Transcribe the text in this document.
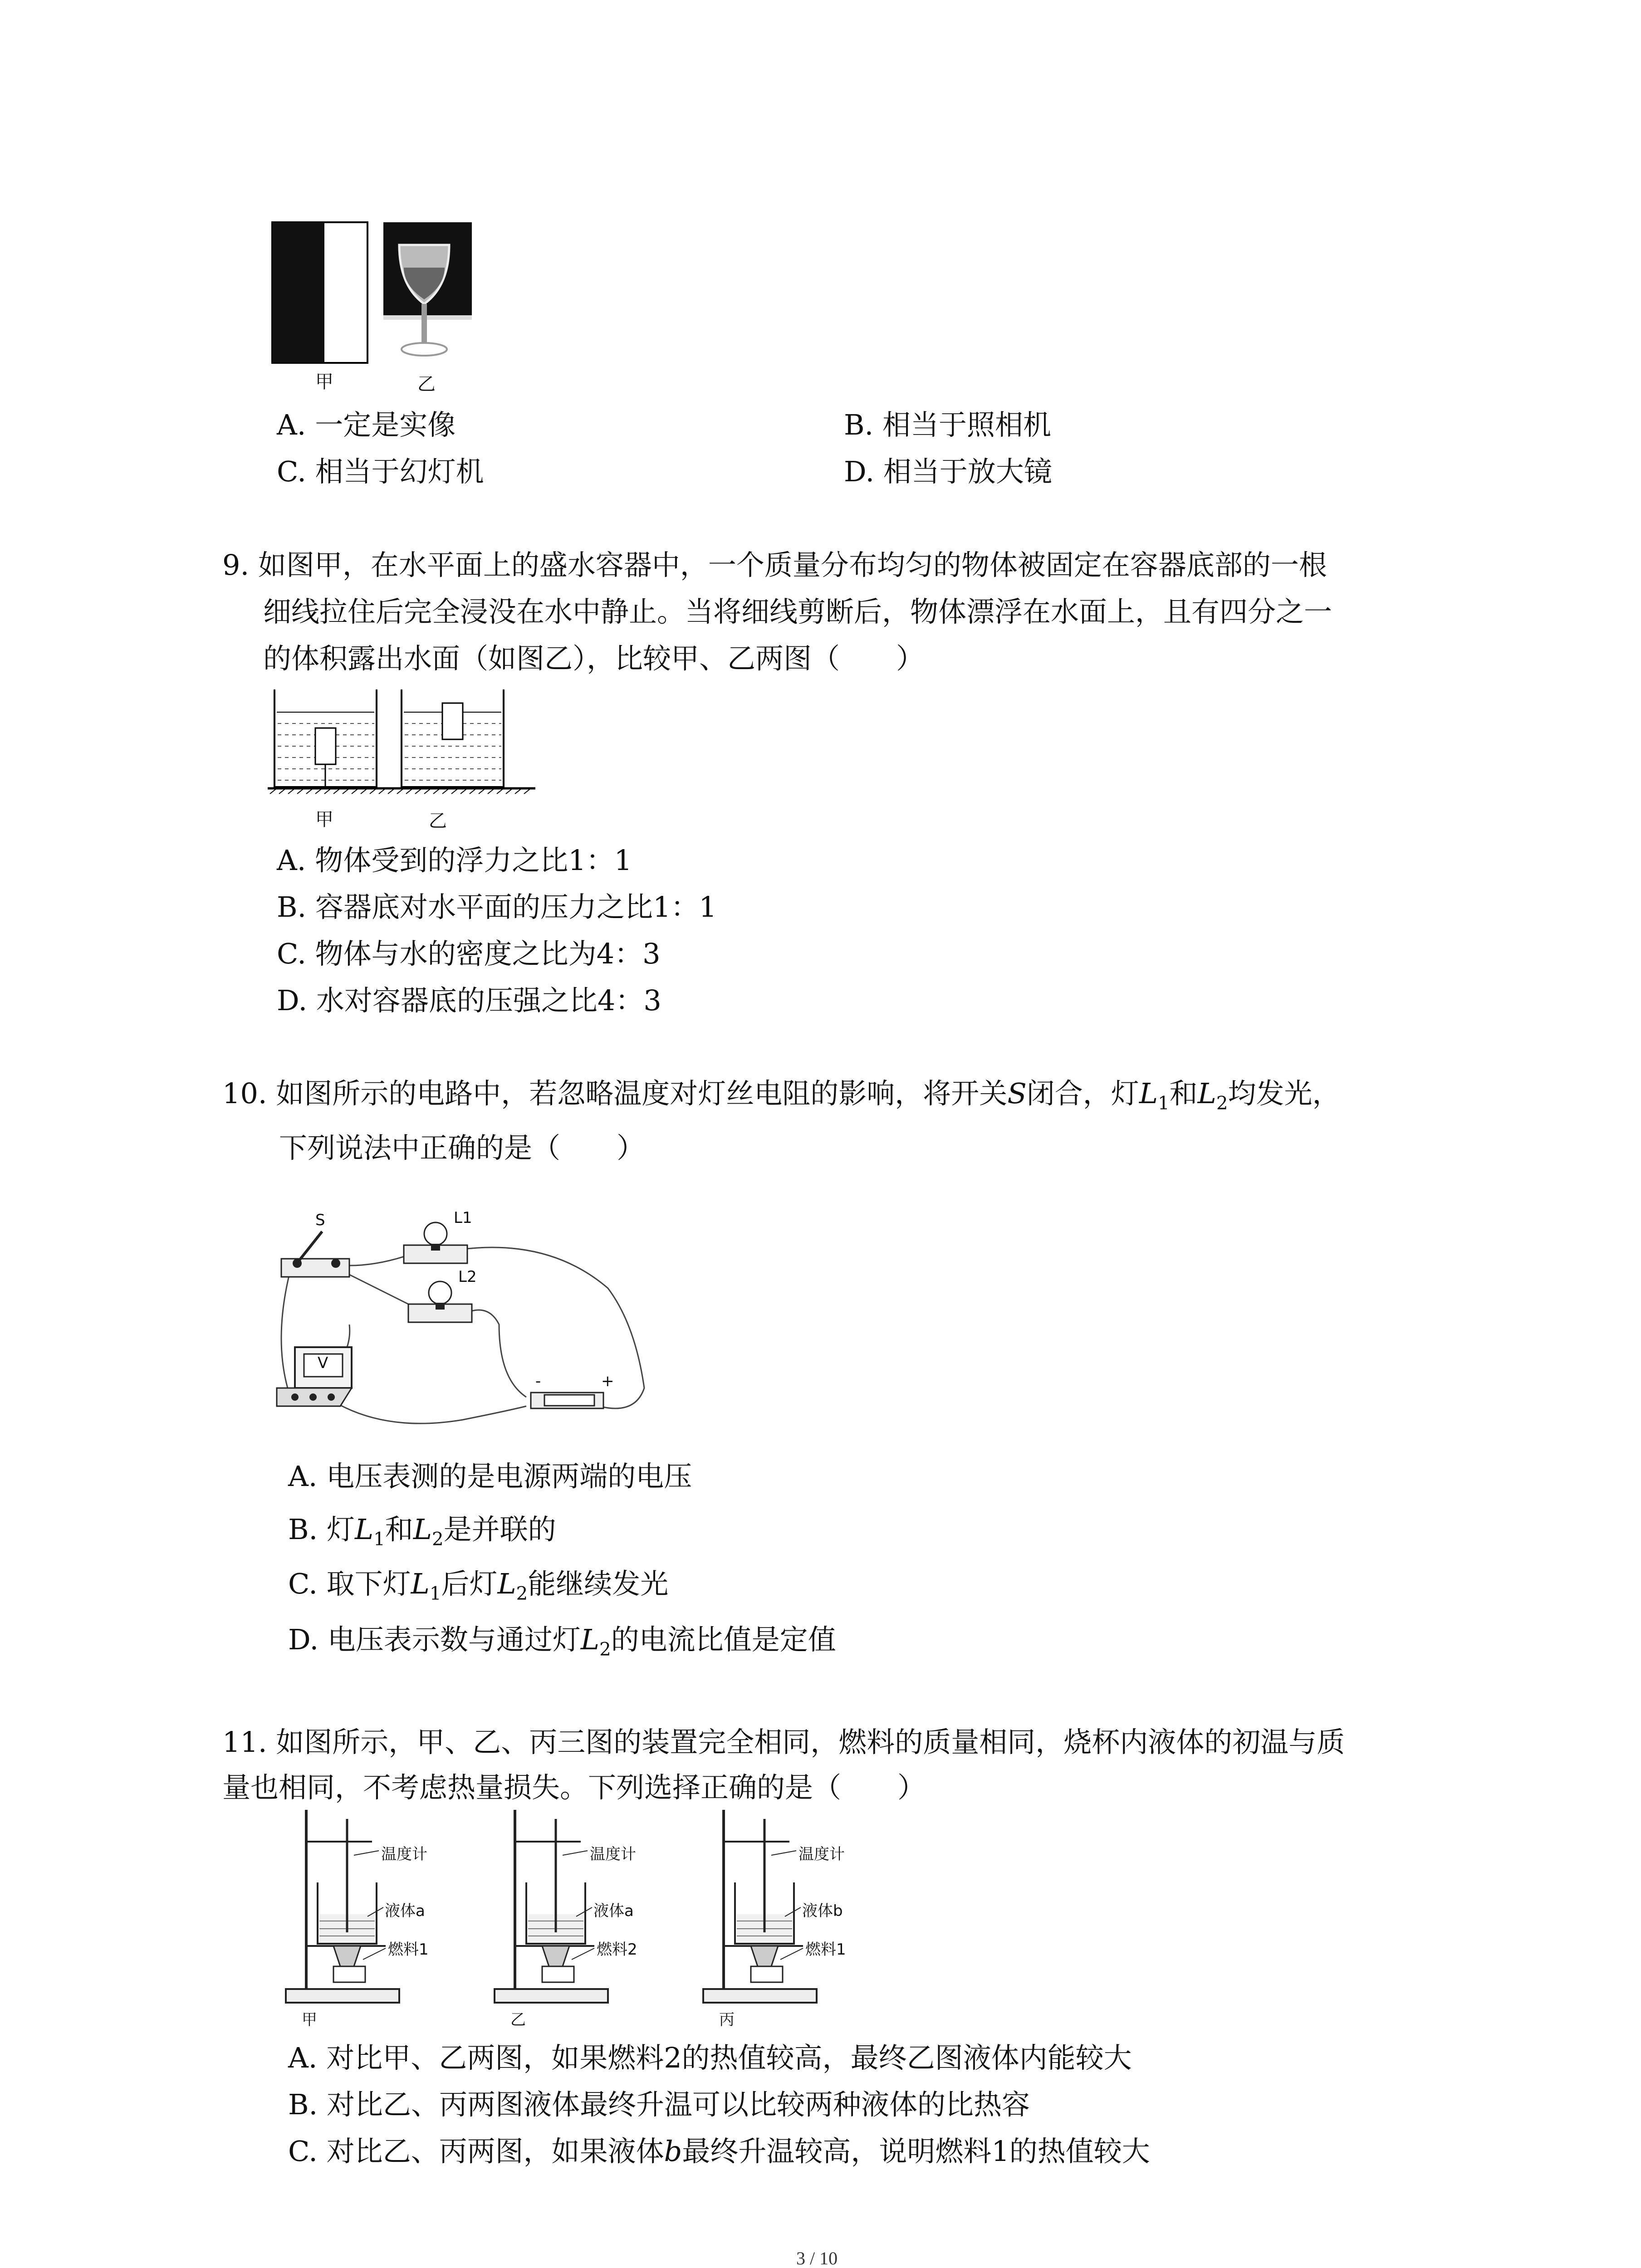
甲	乙
A. 一定是实像	B. 相当于照相机
C. 相当于幻灯机	D. 相当于放大镜
9. 如图甲，在水平面上的盛水容器中，一个质量分布均匀的物体被固定在容器底部的一根
细线拉住后完全浸没在水中静止。当将细线剪断后，物体漂浮在水面上，且有四分之一
的体积露出水面（如图乙），比较甲、乙两图（　　）
甲	乙
A. 物体受到的浮力之比1：1
B. 容器底对水平面的压力之比1：1
C. 物体与水的密度之比为4：3
D. 水对容器底的压强之比4：3
10. 如图所示的电路中，若忽略温度对灯丝电阻的影响，将开关S闭合，灯$L_1$和$L_2$均发光，
下列说法中正确的是（　　）
S	L1
L2
V
-	+
A. 电压表测的是电源两端的电压
B. 灯$L_1$和$L_2$是并联的
C. 取下灯$L_1$后灯$L_2$能继续发光
D. 电压表示数与通过灯$L_2$的电流比值是定值
11. 如图所示，甲、乙、丙三图的装置完全相同，燃料的质量相同，烧杯内液体的初温与质
量也相同，不考虑热量损失。下列选择正确的是（　　）
温度计
液体a
燃料1
甲
温度计
液体a
燃料2
乙
温度计
液体b
燃料1
丙
A. 对比甲、乙两图，如果燃料2的热值较高，最终乙图液体内能较大
B. 对比乙、丙两图液体最终升温可以比较两种液体的比热容
C. 对比乙、丙两图，如果液体b最终升温较高，说明燃料1的热值较大
3 / 10
